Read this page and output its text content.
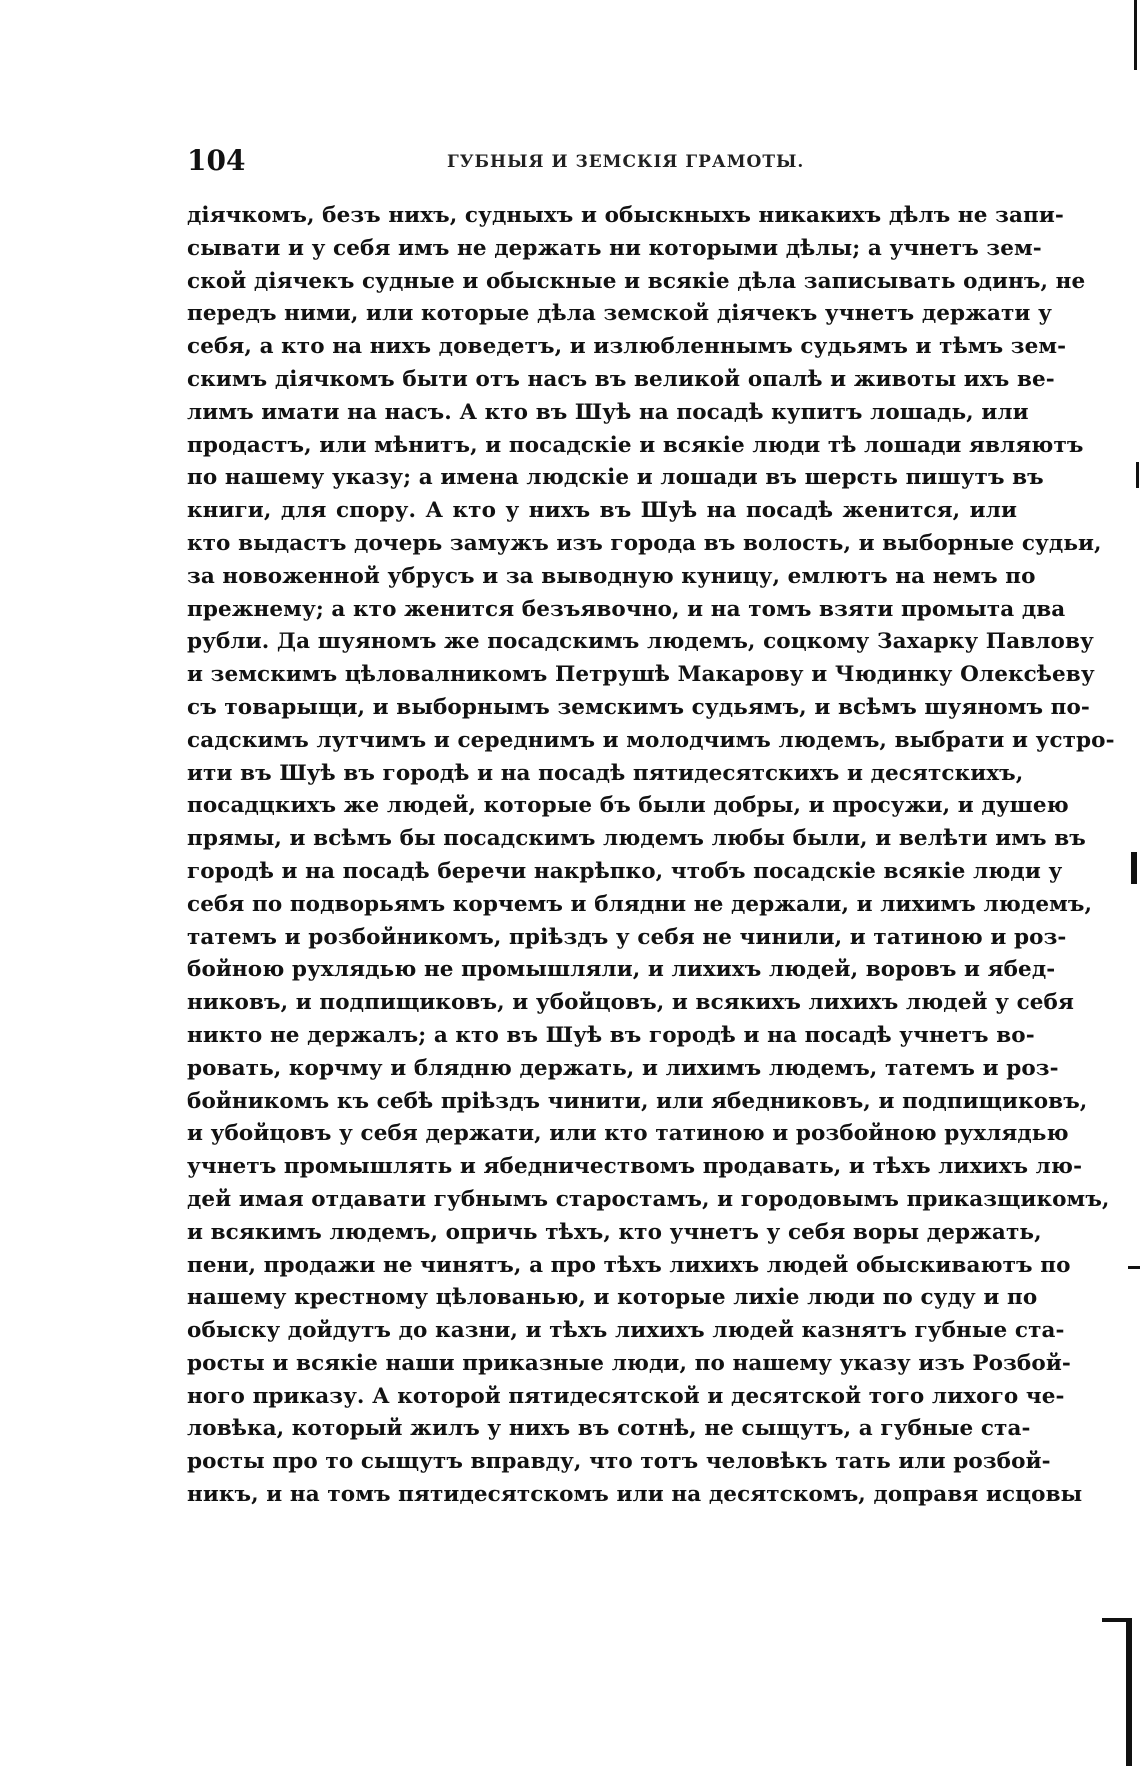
104	ГУБНЫЯ И ЗЕМСКІЯ ГРАМОТЫ.
діячкомъ, безъ нихъ, судныхъ и обыскныхъ никакихъ дѣлъ не запи-
сывати и у себя имъ не держать ни которыми дѣлы; а учнетъ зем-
ской діячекъ судные и обыскные и всякіе дѣла записывать одинъ, не
передъ ними, или которые дѣла земской діячекъ учнетъ держати у
себя, а кто на нихъ доведетъ, и излюбленнымъ судьямъ и тѣмъ зем-
скимъ діячкомъ быти отъ насъ въ великой опалѣ и животы ихъ ве-
лимъ имати на насъ. А кто въ Шуѣ на посадѣ купитъ лошадь, или
продастъ, или мѣнитъ, и посадскіе и всякіе люди тѣ лошади являютъ
по нашему указу; а имена людскіе и лошади въ шерсть пишутъ въ
книги, для спору. А кто у нихъ въ Шуѣ на посадѣ женится, или
кто выдастъ дочерь замужъ изъ города въ волость, и выборные судьи,
за новоженной убрусъ и за выводную куницу, емлютъ на немъ по
прежнему; а кто женится безъявочно, и на томъ взяти промыта два
рубли. Да шуяномъ же посадскимъ людемъ, соцкому Захарку Павлову
и земскимъ цѣловалникомъ Петрушѣ Макарову и Чюдинку Олексѣеву
съ товарыщи, и выборнымъ земскимъ судьямъ, и всѣмъ шуяномъ по-
садскимъ лутчимъ и середнимъ и молодчимъ людемъ, выбрати и устро-
ити въ Шуѣ въ городѣ и на посадѣ пятидесятскихъ и десятскихъ,
посадцкихъ же людей, которые бъ были добры, и просужи, и душею
прямы, и всѣмъ бы посадскимъ людемъ любы были, и велѣти имъ въ
городѣ и на посадѣ беречи накрѣпко, чтобъ посадскіе всякіе люди у
себя по подворьямъ корчемъ и блядни не держали, и лихимъ людемъ,
татемъ и розбойникомъ, пріѣздъ у себя не чинили, и татиною и роз-
бойною рухлядью не промышляли, и лихихъ людей, воровъ и ябед-
никовъ, и подпищиковъ, и убойцовъ, и всякихъ лихихъ людей у себя
никто не держалъ; а кто въ Шуѣ въ городѣ и на посадѣ учнетъ во-
ровать, корчму и блядню держать, и лихимъ людемъ, татемъ и роз-
бойникомъ къ себѣ пріѣздъ чинити, или ябедниковъ, и подпищиковъ,
и убойцовъ у себя держати, или кто татиною и розбойною рухлядью
учнетъ промышлять и ябедничествомъ продавать, и тѣхъ лихихъ лю-
дей имая отдавати губнымъ старостамъ, и городовымъ приказщикомъ,
и всякимъ людемъ, опричь тѣхъ, кто учнетъ у себя воры держать,
пени, продажи не чинятъ, а про тѣхъ лихихъ людей обыскиваютъ по
нашему крестному цѣлованью, и которые лихіе люди по суду и по
обыску дойдутъ до казни, и тѣхъ лихихъ людей казнятъ губные ста-
росты и всякіе наши приказные люди, по нашему указу изъ Розбой-
ного приказу. А которой пятидесятской и десятской того лихого че-
ловѣка, который жилъ у нихъ въ сотнѣ, не сыщутъ, а губные ста-
росты про то сыщутъ вправду, что тотъ человѣкъ тать или розбой-
никъ, и на томъ пятидесятскомъ или на десятскомъ, доправя исцовы
